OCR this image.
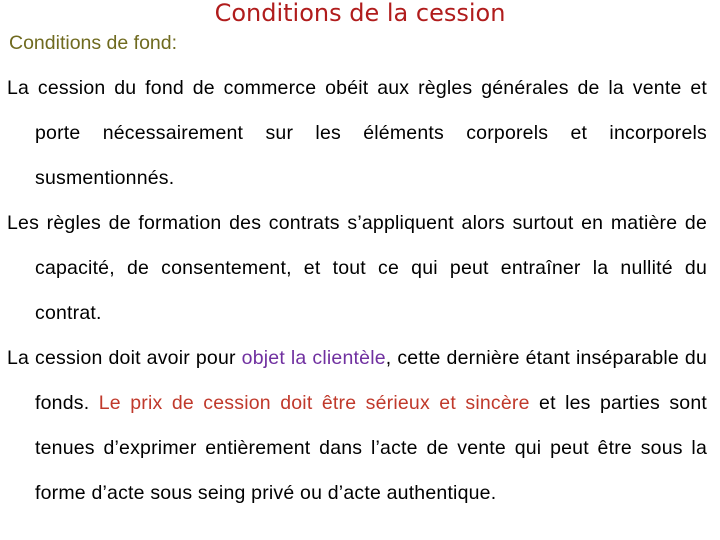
Conditions de la cession
Conditions de fond:

La cession du fond de commerce obéit aux règles générales de la vente et porte nécessairement sur les éléments corporels et incorporels susmentionnés.

Les règles de formation des contrats s’appliquent alors surtout en matière de capacité, de consentement, et tout ce qui peut entraîner la nullité du contrat.

La cession doit avoir pour objet la clientèle, cette dernière étant inséparable du fonds. Le prix de cession doit être sérieux et sincère et les parties sont tenues d’exprimer entièrement dans l’acte de vente qui peut être sous la forme d’acte sous seing privé ou d’acte authentique.
